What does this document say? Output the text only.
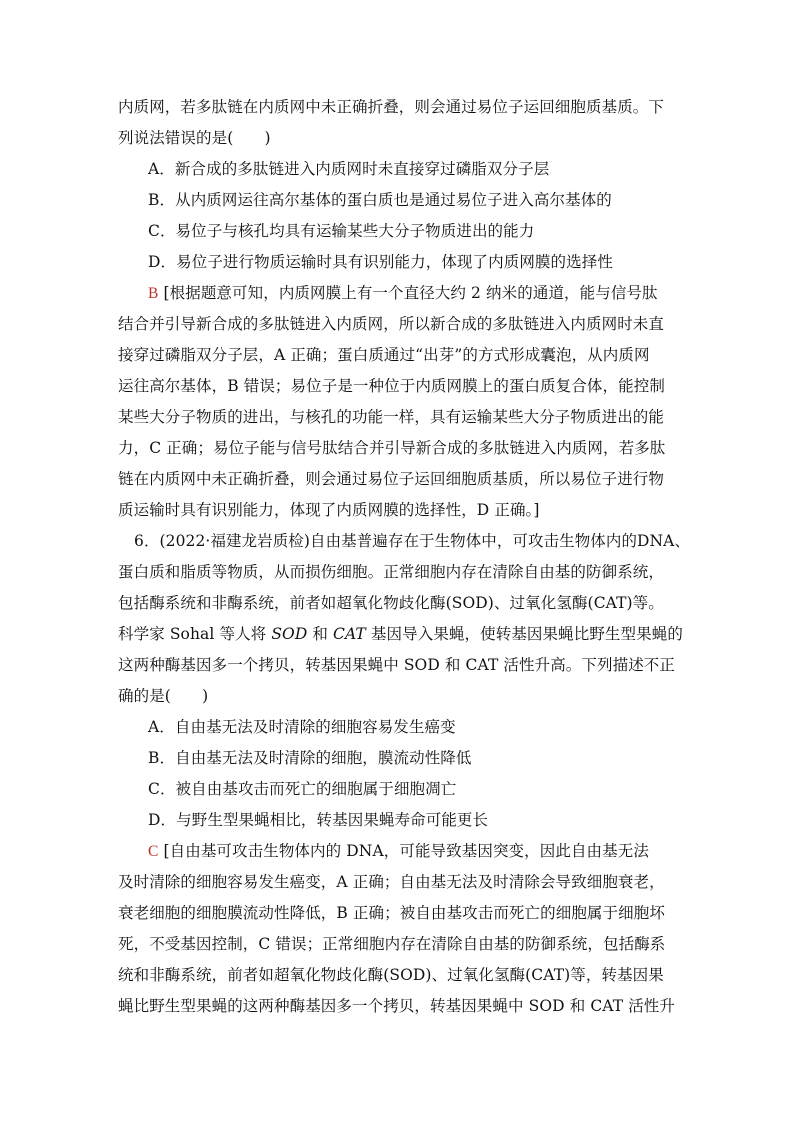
内质网，若多肽链在内质网中未正确折叠，则会通过易位子运回细胞质基质。下
列说法错误的是(　　)
A．新合成的多肽链进入内质网时未直接穿过磷脂双分子层
B．从内质网运往高尔基体的蛋白质也是通过易位子进入高尔基体的
C．易位子与核孔均具有运输某些大分子物质进出的能力
D．易位子进行物质运输时具有识别能力，体现了内质网膜的选择性
B [根据题意可知，内质网膜上有一个直径大约 2 纳米的通道，能与信号肽
结合并引导新合成的多肽链进入内质网，所以新合成的多肽链进入内质网时未直
接穿过磷脂双分子层，A 正确；蛋白质通过“出芽”的方式形成囊泡，从内质网
运往高尔基体，B 错误；易位子是一种位于内质网膜上的蛋白质复合体，能控制
某些大分子物质的进出，与核孔的功能一样，具有运输某些大分子物质进出的能
力，C 正确；易位子能与信号肽结合并引导新合成的多肽链进入内质网，若多肽
链在内质网中未正确折叠，则会通过易位子运回细胞质基质，所以易位子进行物
质运输时具有识别能力，体现了内质网膜的选择性，D 正确。]
6．(2022·福建龙岩质检)自由基普遍存在于生物体中，可攻击生物体内的DNA、
蛋白质和脂质等物质，从而损伤细胞。正常细胞内存在清除自由基的防御系统，
包括酶系统和非酶系统，前者如超氧化物歧化酶(SOD)、过氧化氢酶(CAT)等。
科学家 Sohal 等人将 SOD 和 CAT 基因导入果蝇，使转基因果蝇比野生型果蝇的
这两种酶基因多一个拷贝，转基因果蝇中 SOD 和 CAT 活性升高。下列描述不正
确的是(　　)
A．自由基无法及时清除的细胞容易发生癌变
B．自由基无法及时清除的细胞，膜流动性降低
C．被自由基攻击而死亡的细胞属于细胞凋亡
D．与野生型果蝇相比，转基因果蝇寿命可能更长
C [自由基可攻击生物体内的 DNA，可能导致基因突变，因此自由基无法
及时清除的细胞容易发生癌变，A 正确；自由基无法及时清除会导致细胞衰老，
衰老细胞的细胞膜流动性降低，B 正确；被自由基攻击而死亡的细胞属于细胞坏
死，不受基因控制，C 错误；正常细胞内存在清除自由基的防御系统，包括酶系
统和非酶系统，前者如超氧化物歧化酶(SOD)、过氧化氢酶(CAT)等，转基因果
蝇比野生型果蝇的这两种酶基因多一个拷贝，转基因果蝇中 SOD 和 CAT 活性升
